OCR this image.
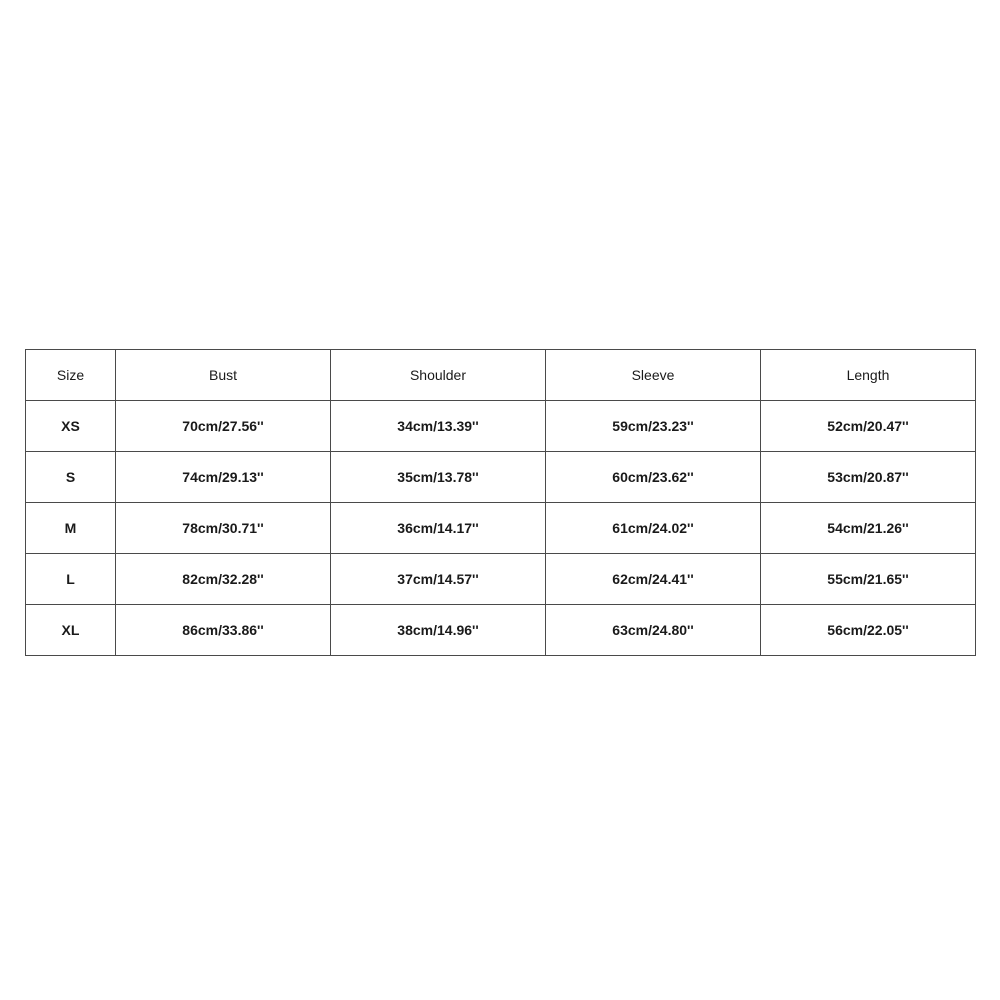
Size	Bust	Shoulder	Sleeve	Length
XS	70cm/27.56''	34cm/13.39''	59cm/23.23''	52cm/20.47''
S	74cm/29.13''	35cm/13.78''	60cm/23.62''	53cm/20.87''
M	78cm/30.71''	36cm/14.17''	61cm/24.02''	54cm/21.26''
L	82cm/32.28''	37cm/14.57''	62cm/24.41''	55cm/21.65''
XL	86cm/33.86''	38cm/14.96''	63cm/24.80''	56cm/22.05''
